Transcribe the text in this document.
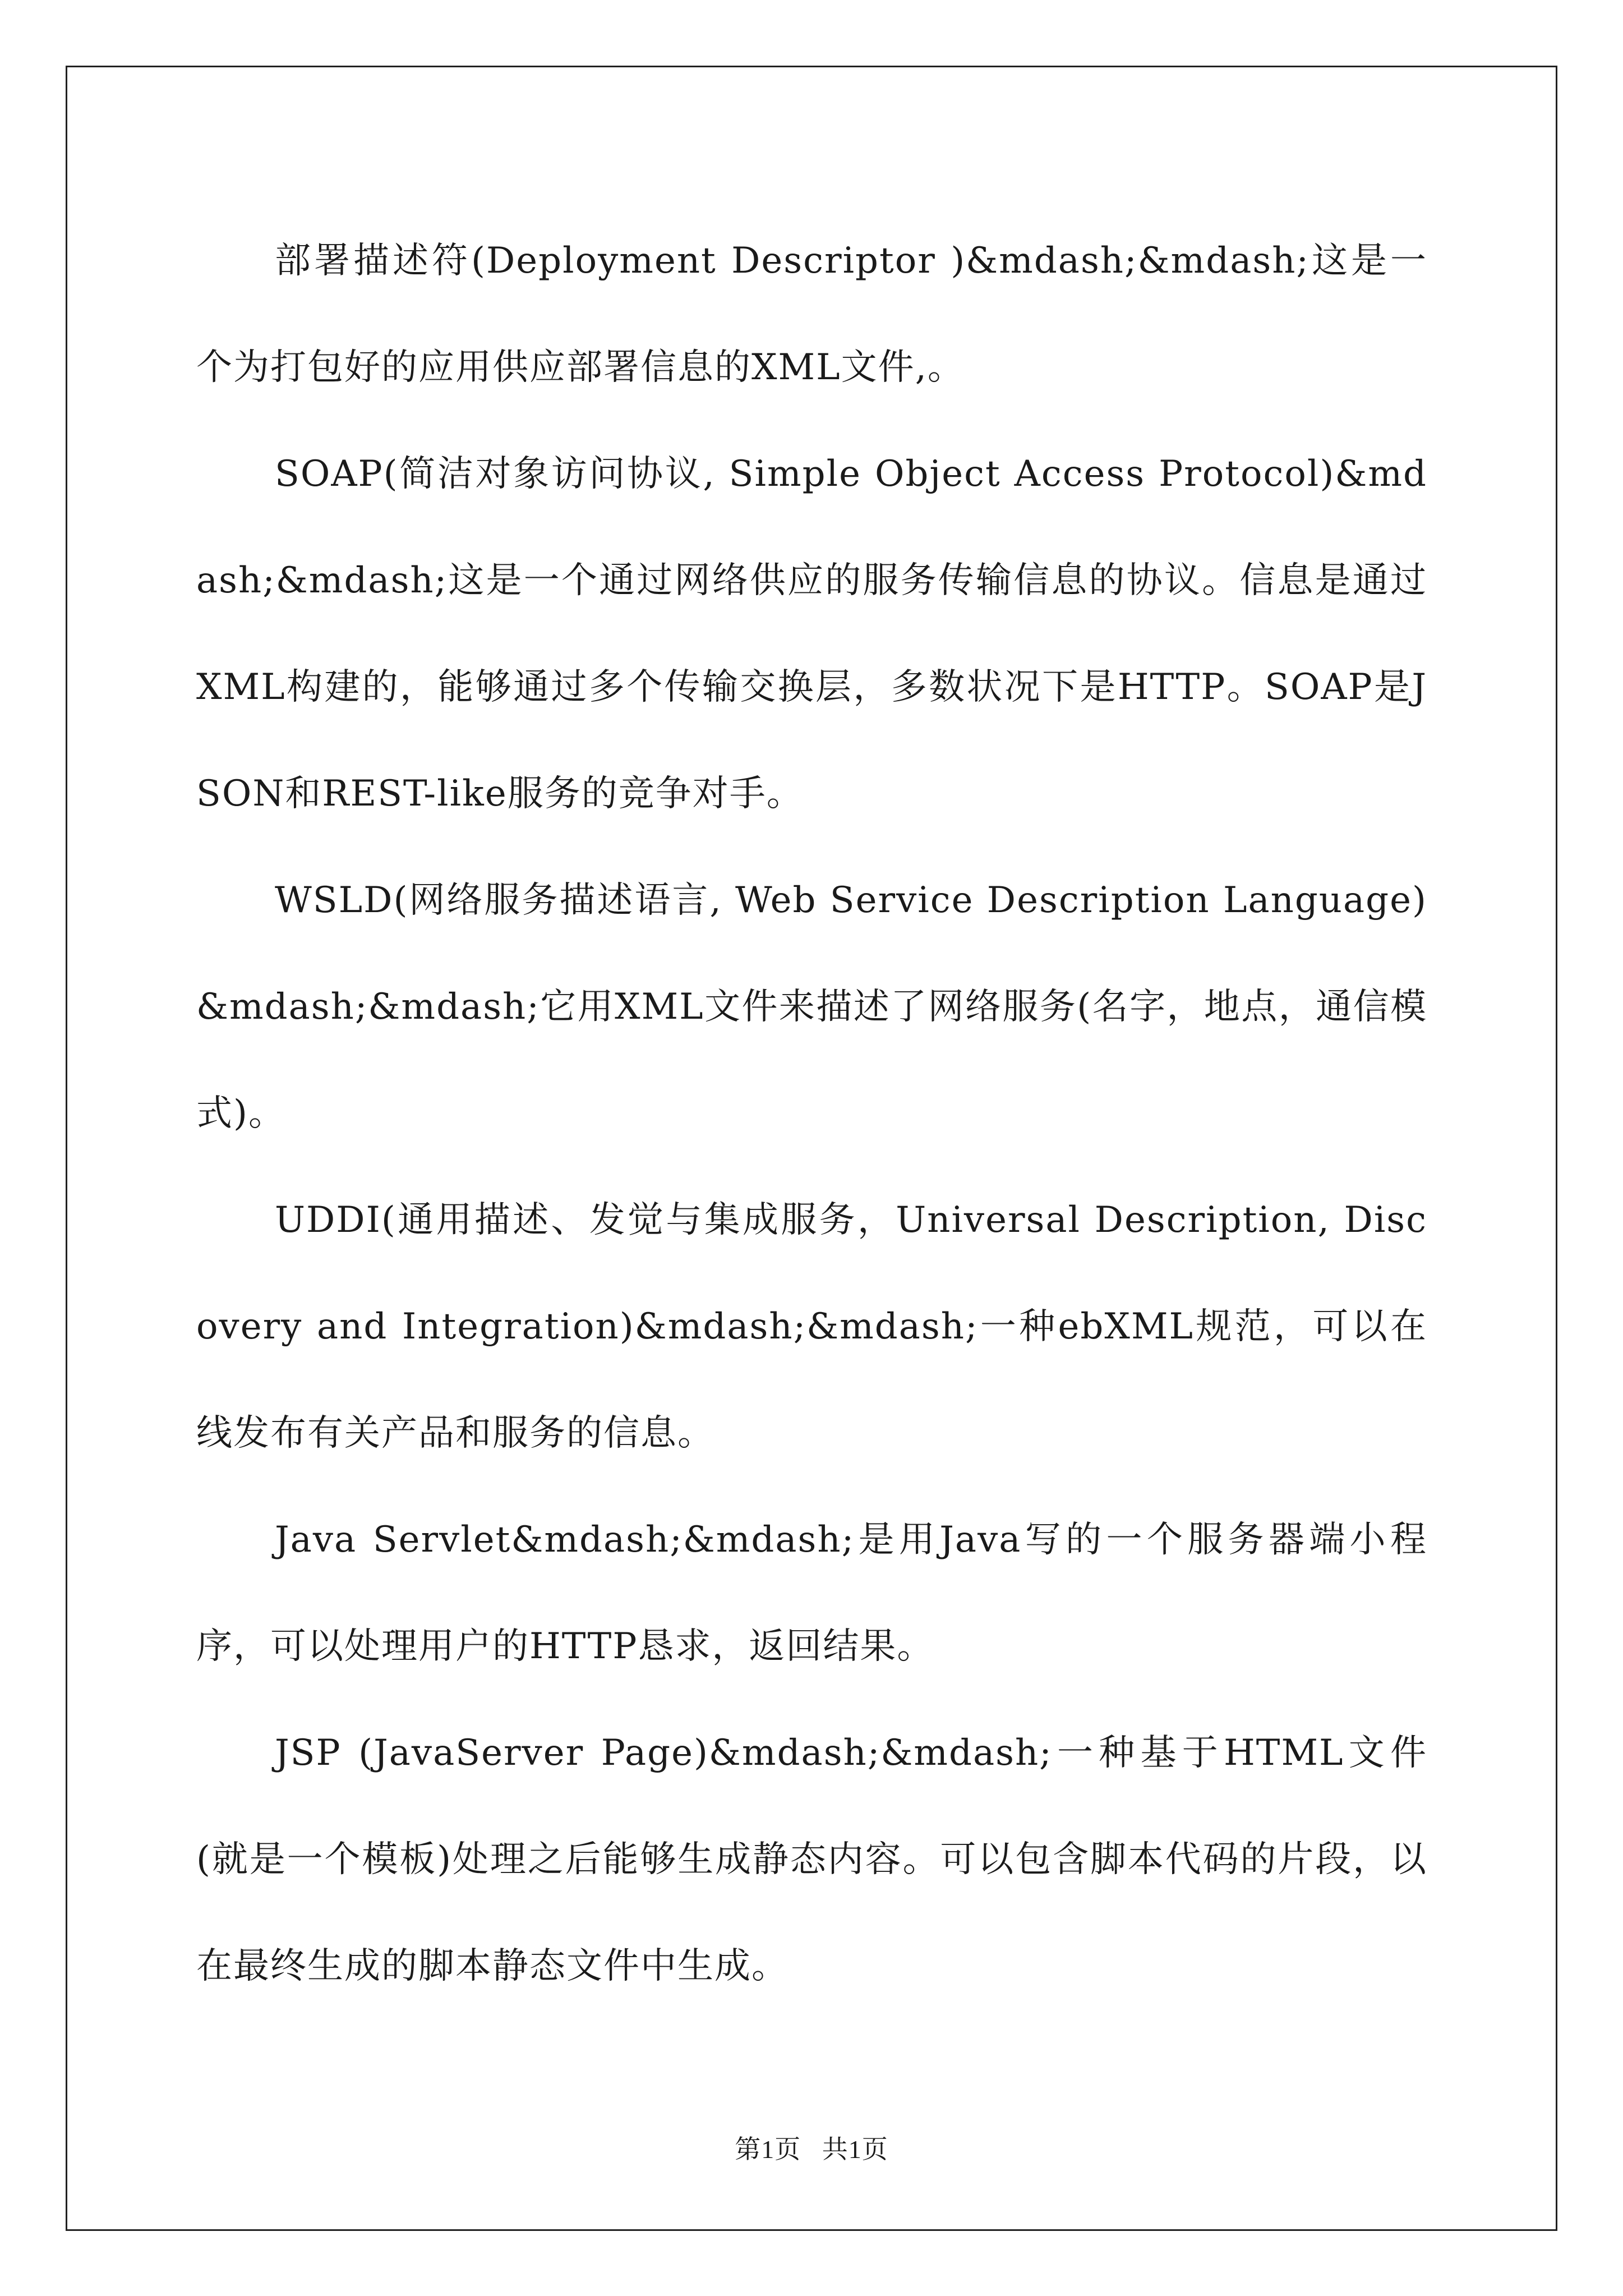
部署描述符(Deployment Descriptor )&mdash;&mdash;这是一个为打包好的应用供应部署信息的XML文件,。

SOAP(简洁对象访问协议, Simple Object Access Protocol)&mdash;&mdash;这是一个通过网络供应的服务传输信息的协议。信息是通过XML构建的，能够通过多个传输交换层，多数状况下是HTTP。SOAP是JSON和REST-like服务的竞争对手。

WSLD(网络服务描述语言, Web Service Description Language)&mdash;&mdash;它用XML文件来描述了网络服务(名字，地点，通信模式)。

UDDI(通用描述、发觉与集成服务，Universal Description, Discovery and Integration)&mdash;&mdash;一种ebXML规范，可以在线发布有关产品和服务的信息。

Java Servlet&mdash;&mdash;是用Java写的一个服务器端小程序，可以处理用户的HTTP恳求，返回结果。

JSP (JavaServer Page)&mdash;&mdash;一种基于HTML文件(就是一个模板)处理之后能够生成静态内容。可以包含脚本代码的片段，以在最终生成的脚本静态文件中生成。

第1页   共1页
